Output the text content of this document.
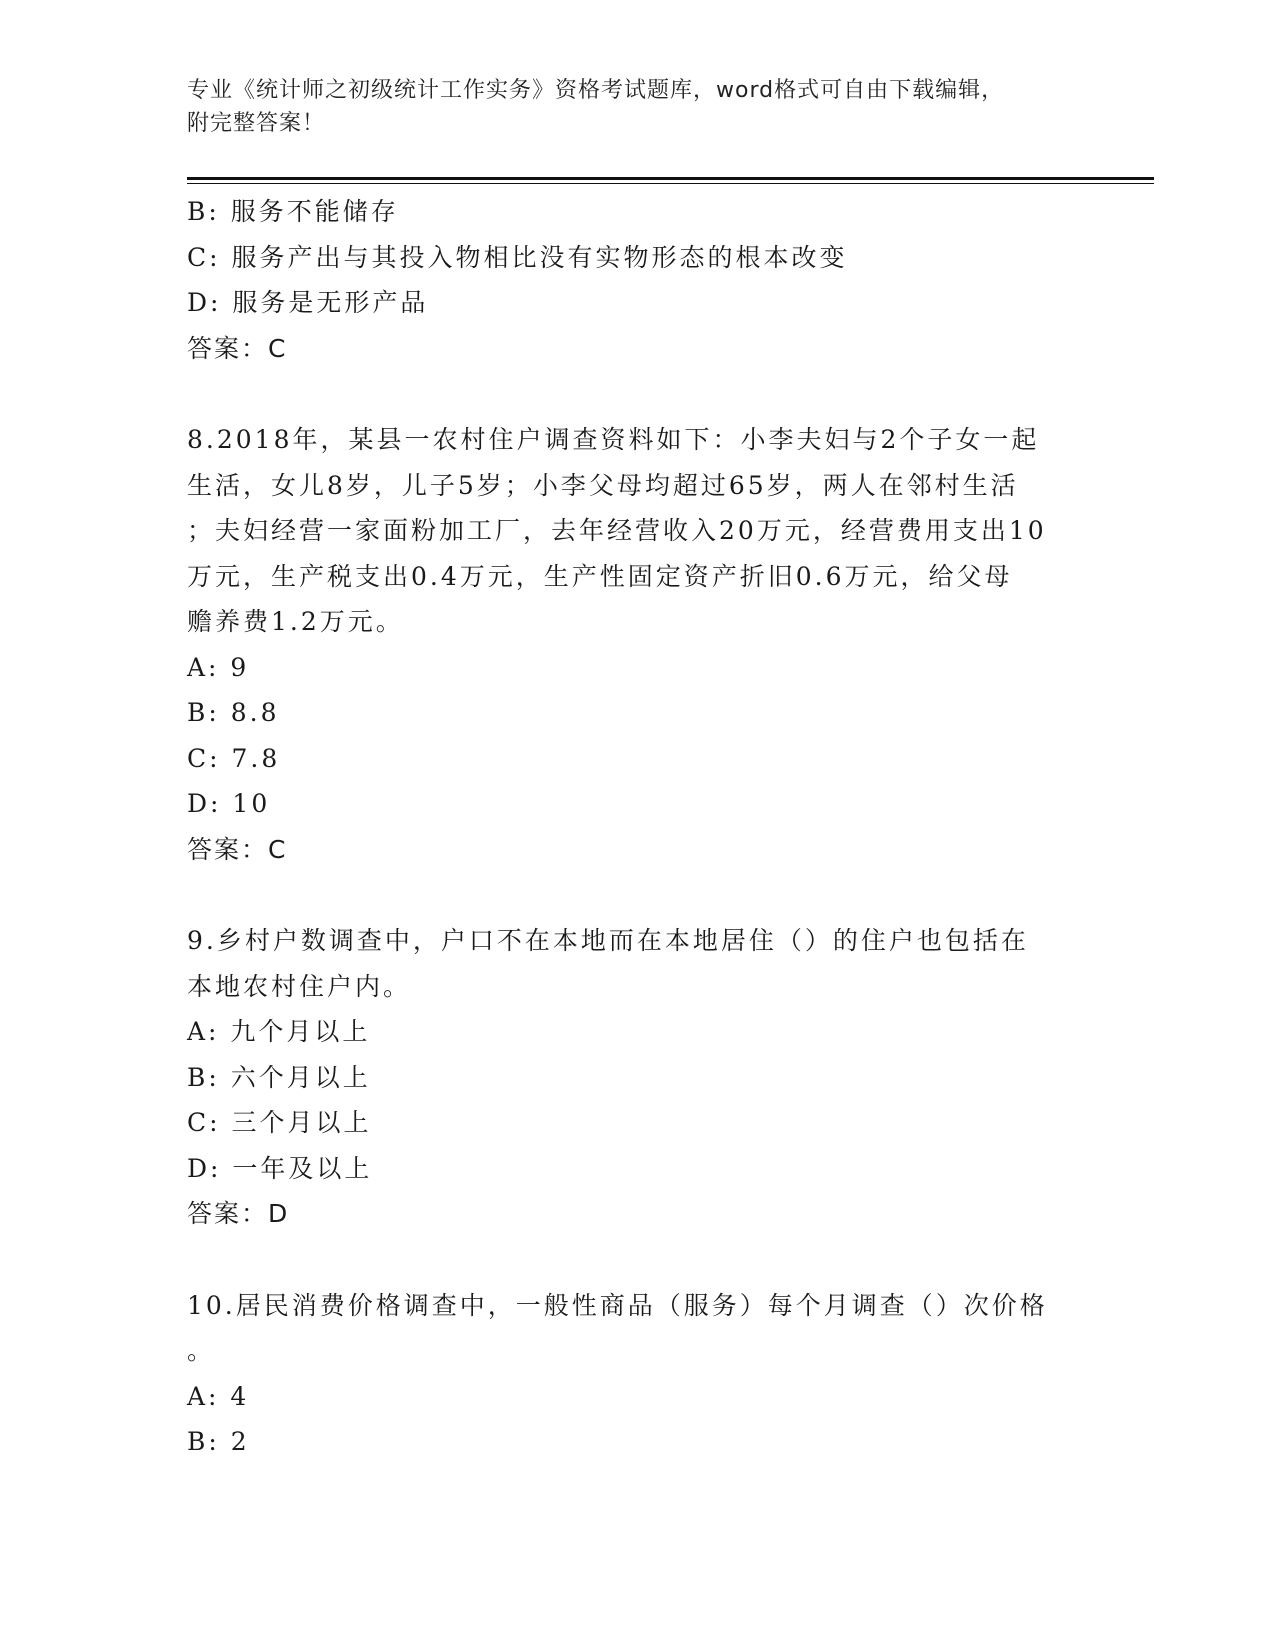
专业《统计师之初级统计工作实务》资格考试题库，word格式可自由下载编辑，
附完整答案！
B: 服务不能储存
C: 服务产出与其投入物相比没有实物形态的根本改变
D: 服务是无形产品
答案：C
8.2018年，某县一农村住户调查资料如下：小李夫妇与2个子女一起
生活，女儿8岁，儿子5岁；小李父母均超过65岁，两人在邻村生活
；夫妇经营一家面粉加工厂，去年经营收入20万元，经营费用支出10
万元，生产税支出0.4万元，生产性固定资产折旧0.6万元，给父母
赡养费1.2万元。
A: 9
B: 8.8
C: 7.8
D: 10
答案：C
9.乡村户数调查中，户口不在本地而在本地居住（）的住户也包括在
本地农村住户内。
A: 九个月以上
B: 六个月以上
C: 三个月以上
D: 一年及以上
答案：D
10.居民消费价格调查中，一般性商品（服务）每个月调查（）次价格
。
A: 4
B: 2
